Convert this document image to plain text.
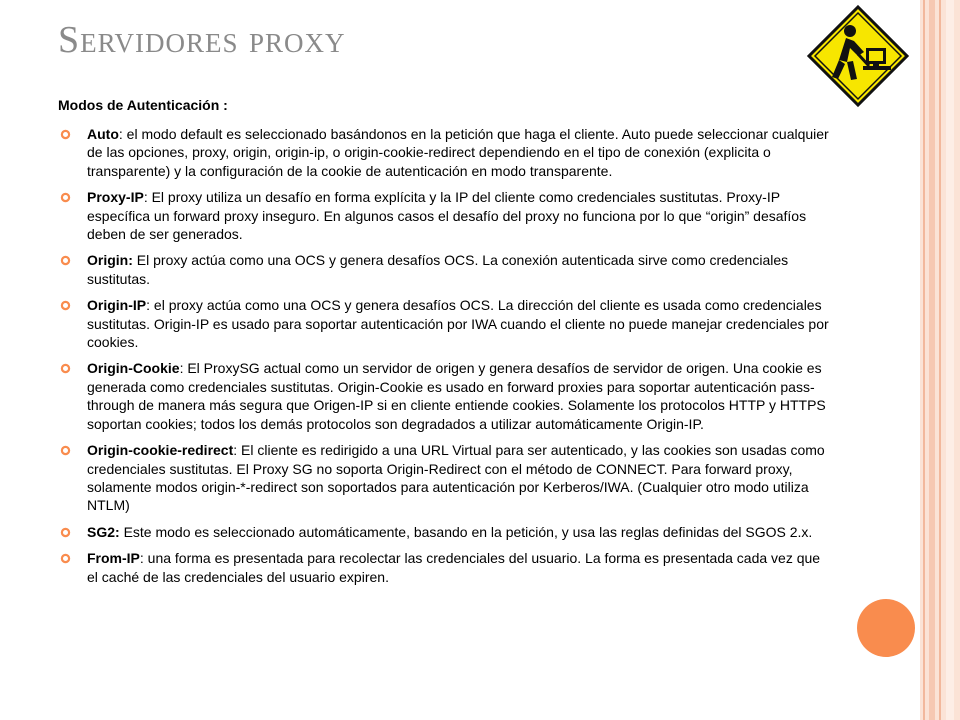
Servidores proxy

Modos de Autenticación :

Auto: el modo default es seleccionado basándonos en la petición que haga el cliente. Auto puede seleccionar cualquier de las opciones, proxy, origin, origin-ip, o origin-cookie-redirect dependiendo en el tipo de conexión (explicita o transparente) y la configuración de la cookie de autenticación en modo transparente.
Proxy-IP: El proxy utiliza un desafío en forma explícita y la IP del cliente como credenciales sustitutas. Proxy-IP específica un forward proxy inseguro. En algunos casos el desafío del proxy no funciona por lo que “origin” desafíos deben de ser generados.
Origin: El proxy actúa como una OCS y genera desafíos OCS. La conexión autenticada sirve como credenciales sustitutas.
Origin-IP: el proxy actúa como una OCS y genera desafíos OCS. La dirección del cliente es usada como credenciales sustitutas. Origin-IP es usado para soportar autenticación por IWA cuando el cliente no puede manejar credenciales por cookies.
Origin-Cookie: El ProxySG actual como un servidor de origen y genera desafíos de servidor de origen. Una cookie es generada como credenciales sustitutas. Origin-Cookie es usado en forward proxies para soportar autenticación pass-through de manera más segura que Origen-IP si en cliente entiende cookies. Solamente los protocolos HTTP y HTTPS soportan cookies; todos los demás protocolos son degradados a utilizar automáticamente Origin-IP.
Origin-cookie-redirect: El cliente es redirigido a una URL Virtual para ser autenticado, y las cookies son usadas como credenciales sustitutas. El Proxy SG no soporta Origin-Redirect con el método de CONNECT. Para forward proxy, solamente modos origin-*-redirect son soportados para autenticación por Kerberos/IWA. (Cualquier otro modo utiliza NTLM)
SG2: Este modo es seleccionado automáticamente, basando en la petición, y usa las reglas definidas del SGOS 2.x.
From-IP: una forma es presentada para recolectar las credenciales del usuario. La forma es presentada cada vez que el caché de las credenciales del usuario expiren.
